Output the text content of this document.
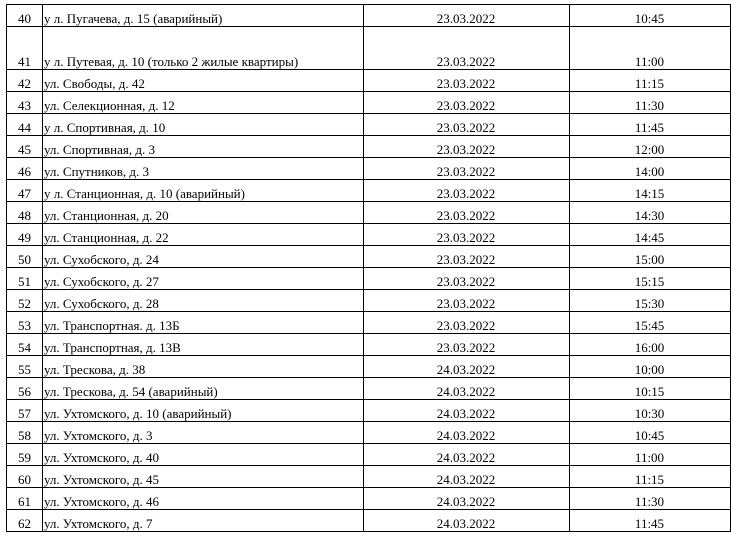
40	у л. Пугачева, д. 15 (аварийный)	23.03.2022	10:45
41	у л. Путевая, д. 10 (только 2 жилые квартиры)	23.03.2022	11:00
42	ул. Свободы, д. 42	23.03.2022	11:15
43	ул. Селекционная, д. 12	23.03.2022	11:30
44	у л. Спортивная, д. 10	23.03.2022	11:45
45	ул. Спортивная, д. 3	23.03.2022	12:00
46	ул. Спутников, д. 3	23.03.2022	14:00
47	у л. Станционная, д. 10 (аварийный)	23.03.2022	14:15
48	ул. Станционная, д. 20	23.03.2022	14:30
49	ул. Станционная, д. 22	23.03.2022	14:45
50	ул. Сухобского, д. 24	23.03.2022	15:00
51	ул. Сухобского, д. 27	23.03.2022	15:15
52	ул. Сухобского, д. 28	23.03.2022	15:30
53	ул. Транспортная. д. 13Б	23.03.2022	15:45
54	ул. Транспортная, д. 13В	23.03.2022	16:00
55	ул. Трескова, д. 38	24.03.2022	10:00
56	ул. Трескова, д. 54 (аварийный)	24.03.2022	10:15
57	ул. Ухтомского, д. 10 (аварийный)	24.03.2022	10:30
58	ул. Ухтомского, д. 3	24.03.2022	10:45
59	ул. Ухтомского, д. 40	24.03.2022	11:00
60	ул. Ухтомского, д. 45	24.03.2022	11:15
61	ул. Ухтомского, д. 46	24.03.2022	11:30
62	ул. Ухтомского, д. 7	24.03.2022	11:45
